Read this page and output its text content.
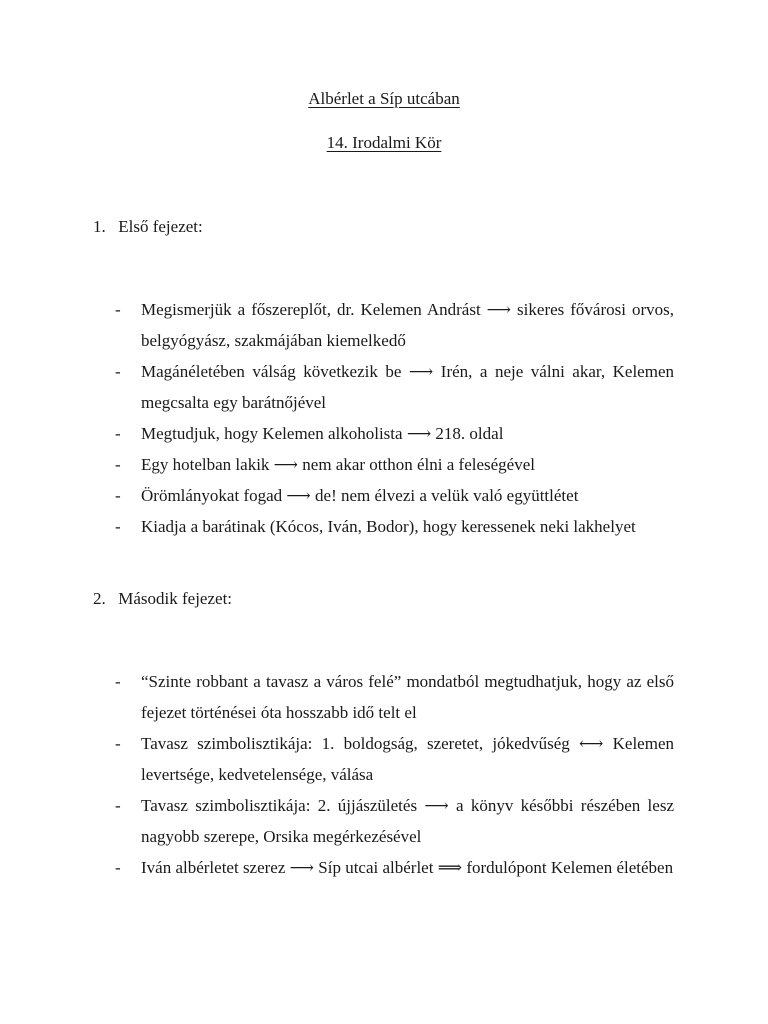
Albérlet a Síp utcában
14. Irodalmi Kör

1. Első fejezet:

- Megismerjük a főszereplőt, dr. Kelemen Andrást ⟶ sikeres fővárosi orvos, belgyógyász, szakmájában kiemelkedő
- Magánéletében válság következik be ⟶ Irén, a neje válni akar, Kelemen megcsalta egy barátnőjével
- Megtudjuk, hogy Kelemen alkoholista ⟶ 218. oldal
- Egy hotelban lakik ⟶ nem akar otthon élni a feleségével
- Örömlányokat fogad ⟶ de! nem élvezi a velük való együttlétet
- Kiadja a barátinak (Kócos, Iván, Bodor), hogy keressenek neki lakhelyet

2. Második fejezet:

- “Szinte robbant a tavasz a város felé” mondatból megtudhatjuk, hogy az első fejezet történései óta hosszabb idő telt el
- Tavasz szimbolisztikája: 1. boldogság, szeretet, jókedvűség ⟷ Kelemen levertsége, kedvetelensége, válása
- Tavasz szimbolisztikája: 2. újjászületés ⟶ a könyv későbbi részében lesz nagyobb szerepe, Orsika megérkezésével
- Iván albérletet szerez ⟶ Síp utcai albérlet ⟹ fordulópont Kelemen életében
